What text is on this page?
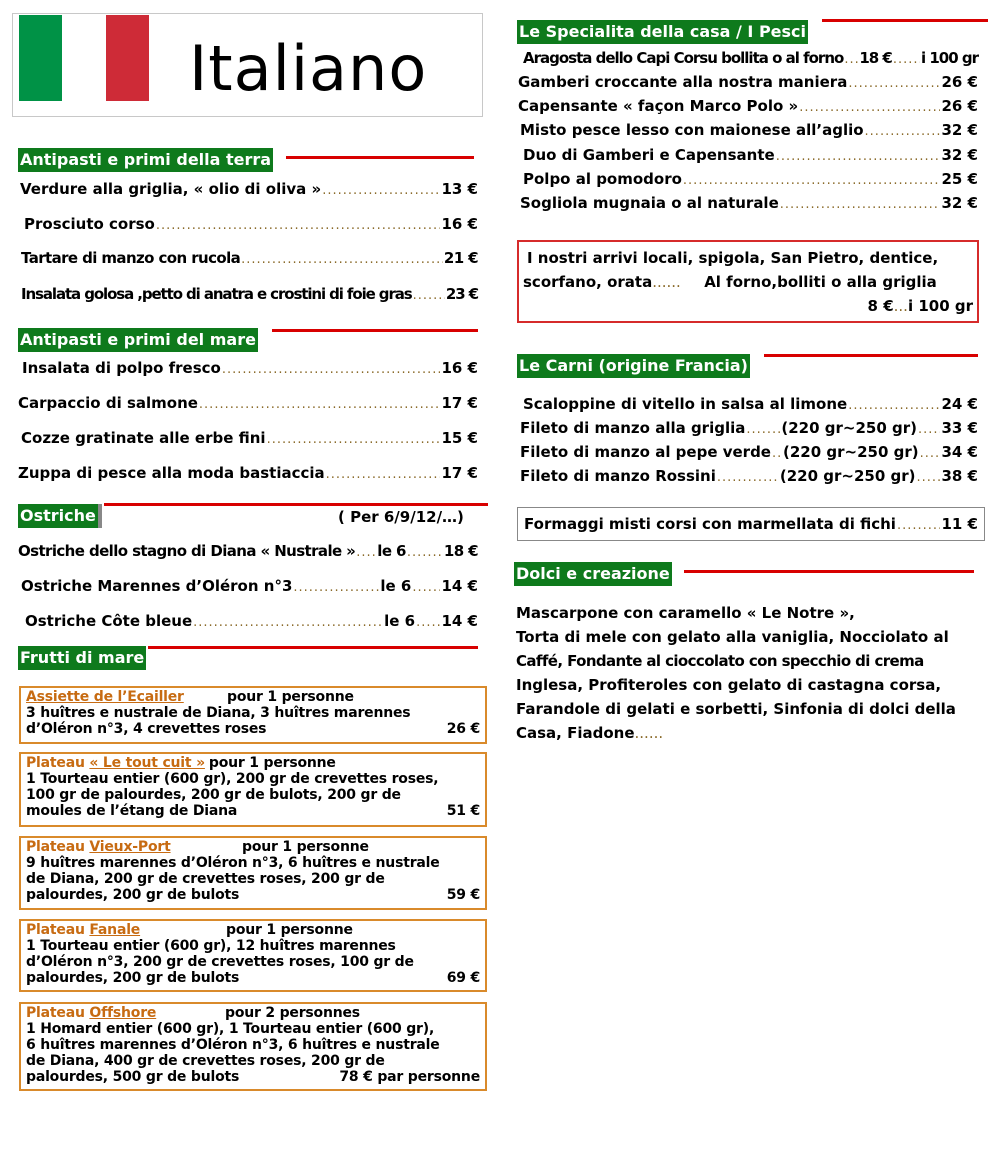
Italiano
Antipasti e primi della terra
Verdure alla griglia, « olio di oliva » .....	13 €
Prosciuto corso .....	16 €
Tartare di manzo con rucola .....	21 €
Insalata golosa ,petto di anatra e crostini di foie gras ..... 23 €
Antipasti e primi del mare
Insalata di polpo fresco .....	16 €
Carpaccio di salmone .....	17 €
Cozze gratinate alle erbe fini .....	15 €
Zuppa di pesce alla moda bastiaccia .....	17 €
Ostriche	( Per 6/9/12/…)
Ostriche dello stagno di Diana « Nustrale » ..... le 6 .....	18 €
Ostriche Marennes d’Oléron n°3 .....	le 6 ..... 14 €
Ostriche Côte bleue .....	le 6 ..... 14 €
Frutti di mare
Assiette de l’Ecailler	pour 1 personne
3 huîtres e nustrale de Diana, 3 huîtres marennes
d’Oléron n°3, 4 crevettes roses	26 €
Plateau « Le tout cuit » pour 1 personne
1 Tourteau entier (600 gr), 200 gr de crevettes roses,
100 gr de palourdes, 200 gr de bulots, 200 gr de
moules de l’étang de Diana	51 €
Plateau Vieux-Port	pour 1 personne
9 huîtres marennes d’Oléron n°3, 6 huîtres e nustrale
de Diana, 200 gr de crevettes roses, 200 gr de
palourdes, 200 gr de bulots	59 €
Plateau Fanale	pour 1 personne
1 Tourteau entier (600 gr), 12 huîtres marennes
d’Oléron n°3, 200 gr de crevettes roses, 100 gr de
palourdes, 200 gr de bulots	69 €
Plateau Offshore	pour 2 personnes
1 Homard entier (600 gr), 1 Tourteau entier (600 gr),
6 huîtres marennes d’Oléron n°3, 6 huîtres e nustrale
de Diana, 400 gr de crevettes roses, 200 gr de
palourdes, 500 gr de bulots	78 € par personne
Le Specialita della casa / I Pesci
Aragosta dello Capi Corsu bollita o al forno ..... 18 € ..... i 100 gr
Gamberi croccante alla nostra maniera .....	26 €
Capensante « façon Marco Polo » .....	26 €
Misto pesce lesso con maionese all’aglio .....	32 €
Duo di Gamberi e Capensante .....	32 €
Polpo al pomodoro .....	25 €
Sogliola mugnaia o al naturale .....	32 €
I nostri arrivi locali, spigola, San Pietro, dentice,
scorfano, orata ......	Al forno,bolliti o alla griglia
8 €...i 100 gr
Le Carni (origine Francia)
Scaloppine di vitello in salsa al limone .....	24 €
Fileto di manzo alla griglia ..... (220 gr~250 gr) ..... 33 €
Fileto di manzo al pepe verde ..... (220 gr~250 gr) ..... 34 €
Fileto di manzo Rossini .....	(220 gr~250 gr) ..... 38 €
Formaggi misti corsi con marmellata di fichi .....	11 €
Dolci e creazione
Mascarpone con caramello « Le Notre »,
Torta di mele con gelato alla vaniglia, Nocciolato al
Caffé, Fondante al cioccolato con specchio di crema
Inglesa, Profiteroles con gelato di castagna corsa,
Farandole di gelati e sorbetti, Sinfonia di dolci della
Casa, Fiadone......
